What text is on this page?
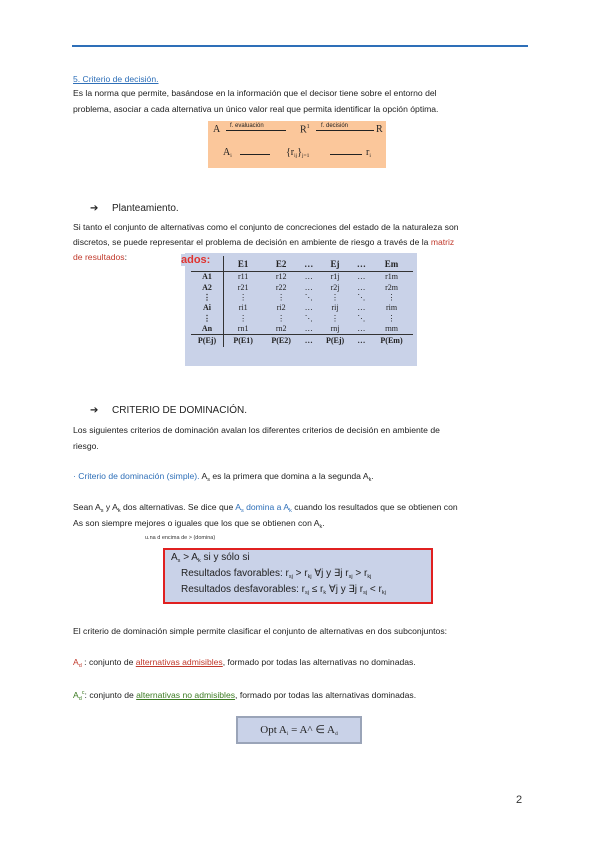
5. Criterio de decisión.
Es la norma que permite, basándose en la información que el decisor tiene sobre el entorno del
problema, asociar a cada alternativa un único valor real que permita identificar la opción óptima.
A f. evaluación	$R^1$ f. decisión	R
$A_i$	$\{r_{ij}\}_{j=1}$	$r_i$
➔ Planteamiento.
Si tanto el conjunto de alternativas como el conjunto de concreciones del estado de la naturaleza son
discretos, se puede representar el problema de decisión en ambiente de riesgo a través de la matriz
de resultados:	ados:
		E1	E2	…	Ej	…	Em
A1	r11	r12	…	r1j	…	r1m
A2	r21	r22	…	r2j	…	r2m
⋮	⋮	⋮	⋱	⋮	⋱	⋮
Ai	ri1	ri2	…	rij	…	rim
⋮	⋮	⋮	⋱	⋮	⋱	⋮
An	rn1	rn2	…	rnj	…	rnm
P(Ej)	P(E1)	P(E2)	…	P(Ej)	…	P(Em)
➔ CRITERIO DE DOMINACIÓN.
Los siguientes criterios de dominación avalan los diferentes criterios de decisión en ambiente de
riesgo.
· Criterio de dominación (simple). $A_s$ es la primera que domina a la segunda $A_k$.
Sean $A_s$ y $A_k$ dos alternativas. Se dice que $A_s$ domina a $A_k$ cuando los resultados que se obtienen con
As son siempre mejores o iguales que los que se obtienen con $A_k$.
u.na d encima de > (domina)
$A_s > A_k$ si y sólo si
Resultados favorables: $r_{sj} > r_{kj}$ ∀j y ∃j $r_{sj} > r_{kj}$
Resultados desfavorables: $r_{sj} \le r_k$ ∀j y ∃j $r_{sj} < r_{kj}$
El criterio de dominación simple permite clasificar el conjunto de alternativas en dos subconjuntos:
$A_d$ : conjunto de alternativas admisibles, formado por todas las alternativas no dominadas.
$A_d^c$: conjunto de alternativas no admisibles, formado por todas las alternativas dominadas.
Opt $A_i$ = A^ ∈ $A_d$
2
